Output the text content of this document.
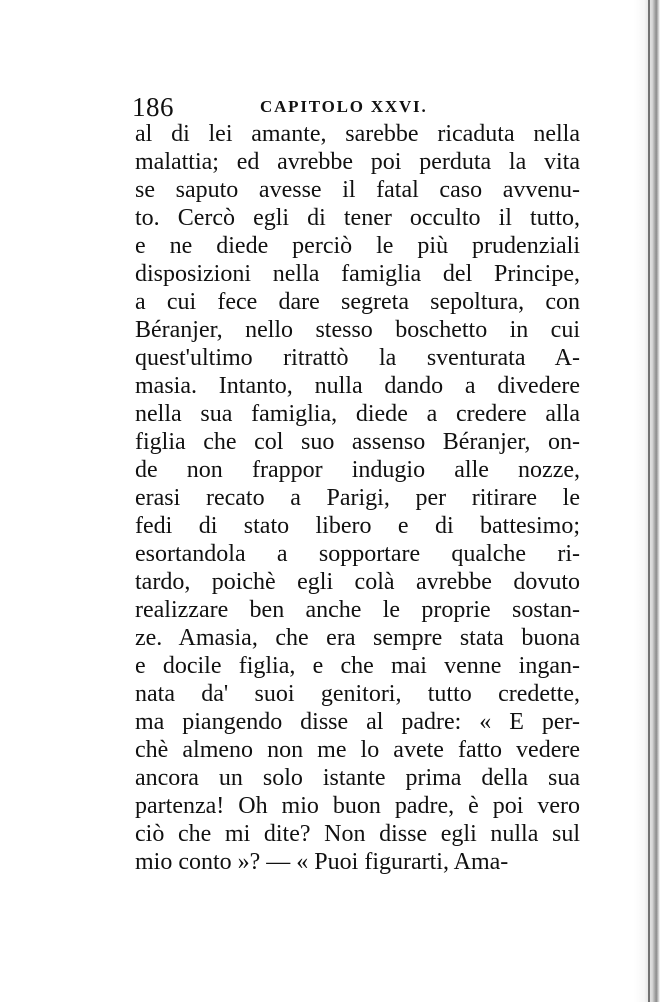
186	CAPITOLO XXVI.
al di lei amante, sarebbe ricaduta nella
malattia; ed avrebbe poi perduta la vita
se saputo avesse il fatal caso avvenu-
to. Cercò egli di tener occulto il tutto,
e ne diede perciò le più prudenziali
disposizioni nella famiglia del Principe,
a cui fece dare segreta sepoltura, con
Béranjer, nello stesso boschetto in cui
quest'ultimo ritrattò la sventurata A-
masia. Intanto, nulla dando a divedere
nella sua famiglia, diede a credere alla
figlia che col suo assenso Béranjer, on-
de non frappor indugio alle nozze,
erasi recato a Parigi, per ritirare le
fedi di stato libero e di battesimo;
esortandola a sopportare qualche ri-
tardo, poichè egli colà avrebbe dovuto
realizzare ben anche le proprie sostan-
ze. Amasia, che era sempre stata buona
e docile figlia, e che mai venne ingan-
nata da' suoi genitori, tutto credette,
ma piangendo disse al padre: « E per-
chè almeno non me lo avete fatto vedere
ancora un solo istante prima della sua
partenza! Oh mio buon padre, è poi vero
ciò che mi dite? Non disse egli nulla sul
mio conto »? — « Puoi figurarti, Ama-
